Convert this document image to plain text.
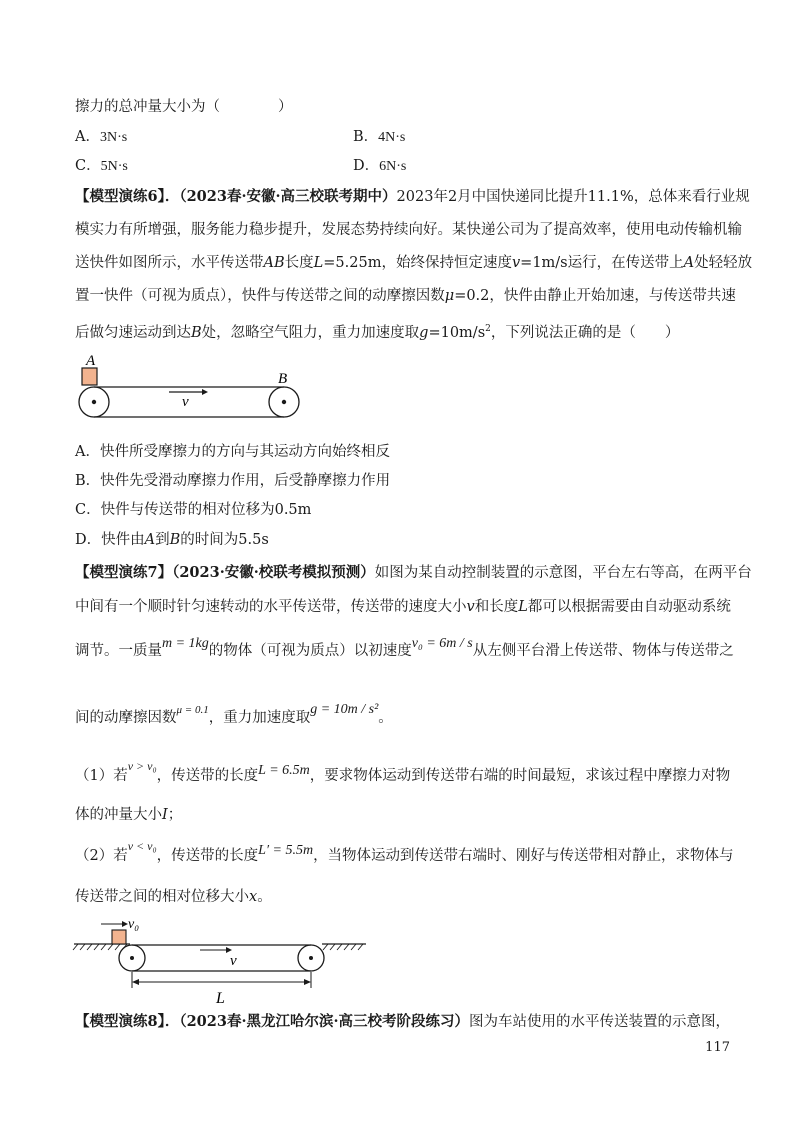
擦力的总冲量大小为（　　　　）
A．3N·s	B．4N·s
C．5N·s	D．6N·s
【模型演练6】．（2023春·安徽·高三校联考期中）2023年2月中国快递同比提升11.1%，总体来看行业规
模实力有所增强，服务能力稳步提升，发展态势持续向好。某快递公司为了提高效率，使用电动传输机输
送快件如图所示，水平传送带AB长度L=5.25m，始终保持恒定速度v=1m/s运行，在传送带上A处轻轻放
置一快件（可视为质点），快件与传送带之间的动摩擦因数μ=0.2，快件由静止开始加速，与传送带共速
后做匀速运动到达B处，忽略空气阻力，重力加速度取$g=10m/s^2$，下列说法正确的是（　　）
A
B
v
A．快件所受摩擦力的方向与其运动方向始终相反
B．快件先受滑动摩擦力作用，后受静摩擦力作用
C．快件与传送带的相对位移为0.5m
D．快件由A到B的时间为5.5s
【模型演练7】（2023·安徽·校联考模拟预测）如图为某自动控制装置的示意图，平台左右等高，在两平台
中间有一个顺时针匀速转动的水平传送带，传送带的速度大小v和长度L都可以根据需要由自动驱动系统
调节。一质量m = 1kg的物体（可视为质点）以初速度v₀ = 6m / s从左侧平台滑上传送带、物体与传送带之
间的动摩擦因数$^{\mu = 0.1}$，重力加速度取g = 10m / s²。
（1）若$^{v > v_0}$，传送带的长度L = 6.5m，要求物体运动到传送带右端的时间最短，求该过程中摩擦力对物
体的冲量大小I；
（2）若$^{v < v_0}$，传送带的长度L′ = 5.5m，当物体运动到传送带右端时、刚好与传送带相对静止，求物体与
传送带之间的相对位移大小x。
v₀
v
L
【模型演练8】．（2023春·黑龙江哈尔滨·高三校考阶段练习）图为车站使用的水平传送装置的示意图，
117
